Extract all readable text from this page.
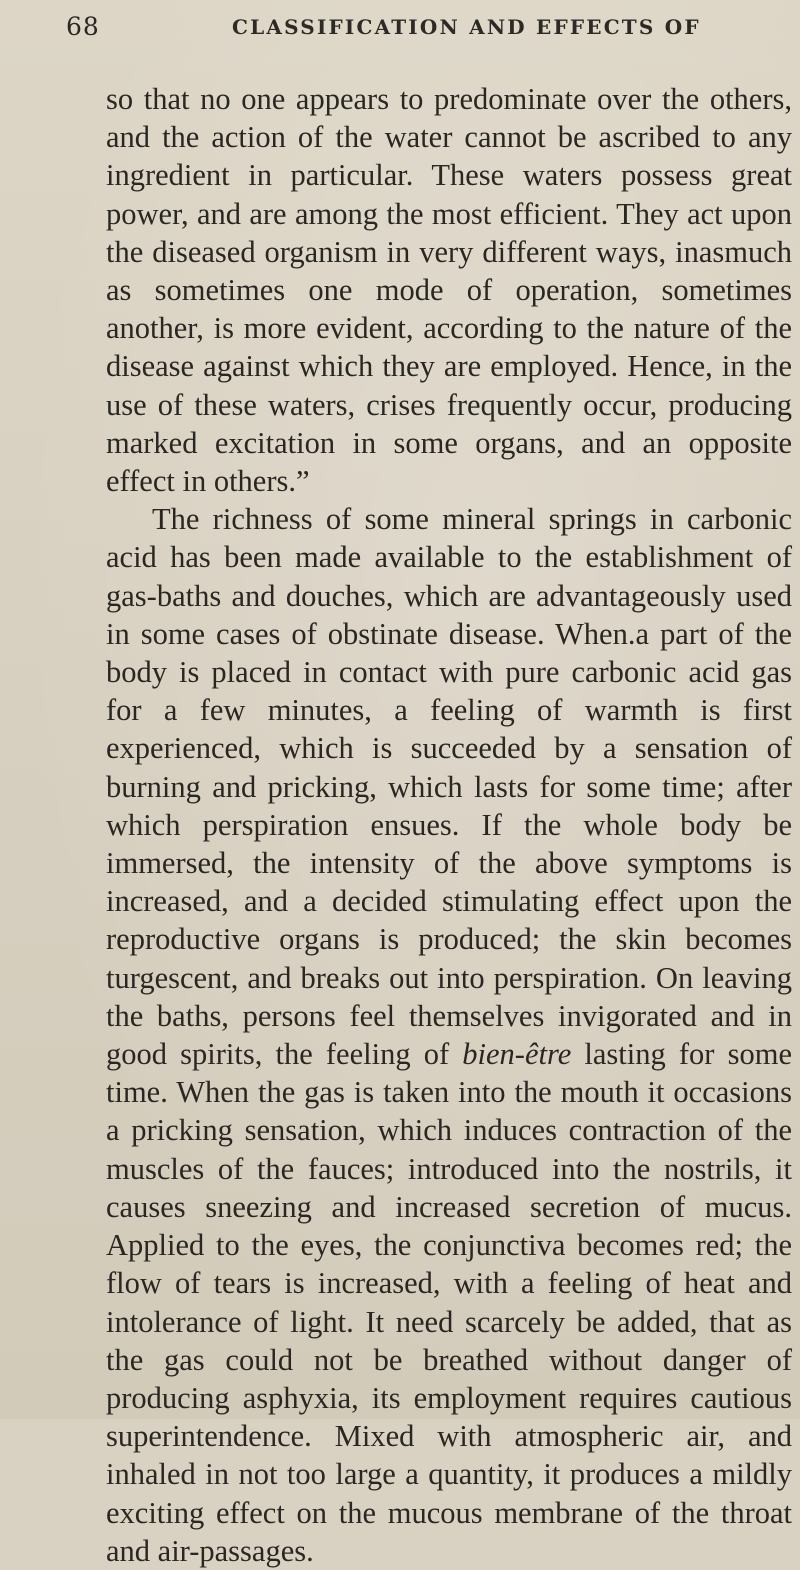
68	CLASSIFICATION AND EFFECTS OF

so that no one appears to predominate over the others, and the action of the water cannot be ascribed to any ingredient in particular. These waters possess great power, and are among the most efficient. They act upon the diseased organism in very different ways, inasmuch as sometimes one mode of operation, sometimes another, is more evident, according to the nature of the disease against which they are employed. Hence, in the use of these waters, crises frequently occur, producing marked excitation in some organs, and an opposite effect in others.”

The richness of some mineral springs in carbonic acid has been made available to the establishment of gas-baths and douches, which are advantageously used in some cases of obstinate disease. When.a part of the body is placed in contact with pure carbonic acid gas for a few minutes, a feeling of warmth is first experienced, which is succeeded by a sensation of burning and pricking, which lasts for some time; after which perspiration ensues. If the whole body be immersed, the intensity of the above symptoms is increased, and a decided stimulating effect upon the reproductive organs is produced; the skin becomes turgescent, and breaks out into perspiration. On leaving the baths, persons feel themselves invigorated and in good spirits, the feeling of bien-être lasting for some time. When the gas is taken into the mouth it occasions a pricking sensation, which induces contraction of the muscles of the fauces; introduced into the nostrils, it causes sneezing and increased secretion of mucus. Applied to the eyes, the conjunctiva becomes red; the flow of tears is increased, with a feeling of heat and intolerance of light. It need scarcely be added, that as the gas could not be breathed without danger of producing asphyxia, its employment requires cautious superintendence. Mixed with atmospheric air, and inhaled in not too large a quantity, it produces a mildly exciting effect on the mucous membrane of the throat and air-passages.
